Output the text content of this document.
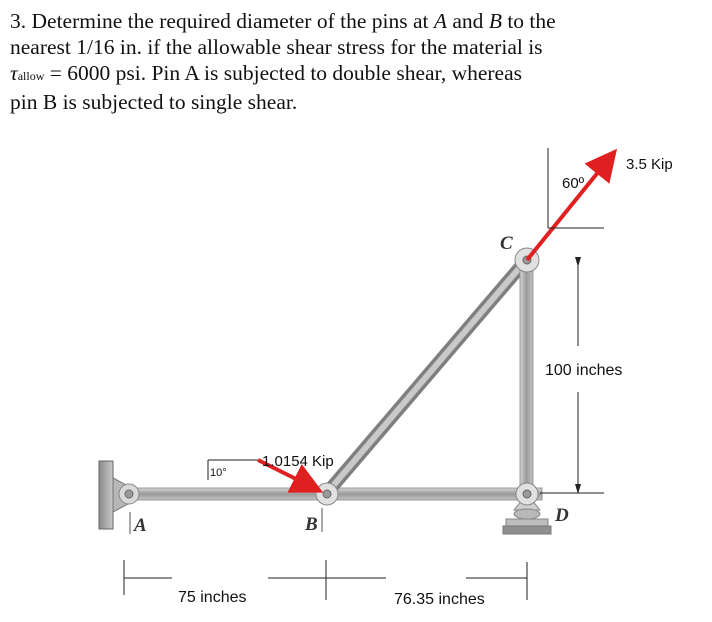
3. Determine the required diameter of the pins at A and B to the
nearest 1/16 in. if the allowable shear stress for the material is
τallow = 6000 psi. Pin A is subjected to double shear, whereas
pin B is subjected to single shear.
3.5 Kip
60º
1.0154 Kip
10°
100 inches
75 inches	76.35 inches
A	B
C
D
